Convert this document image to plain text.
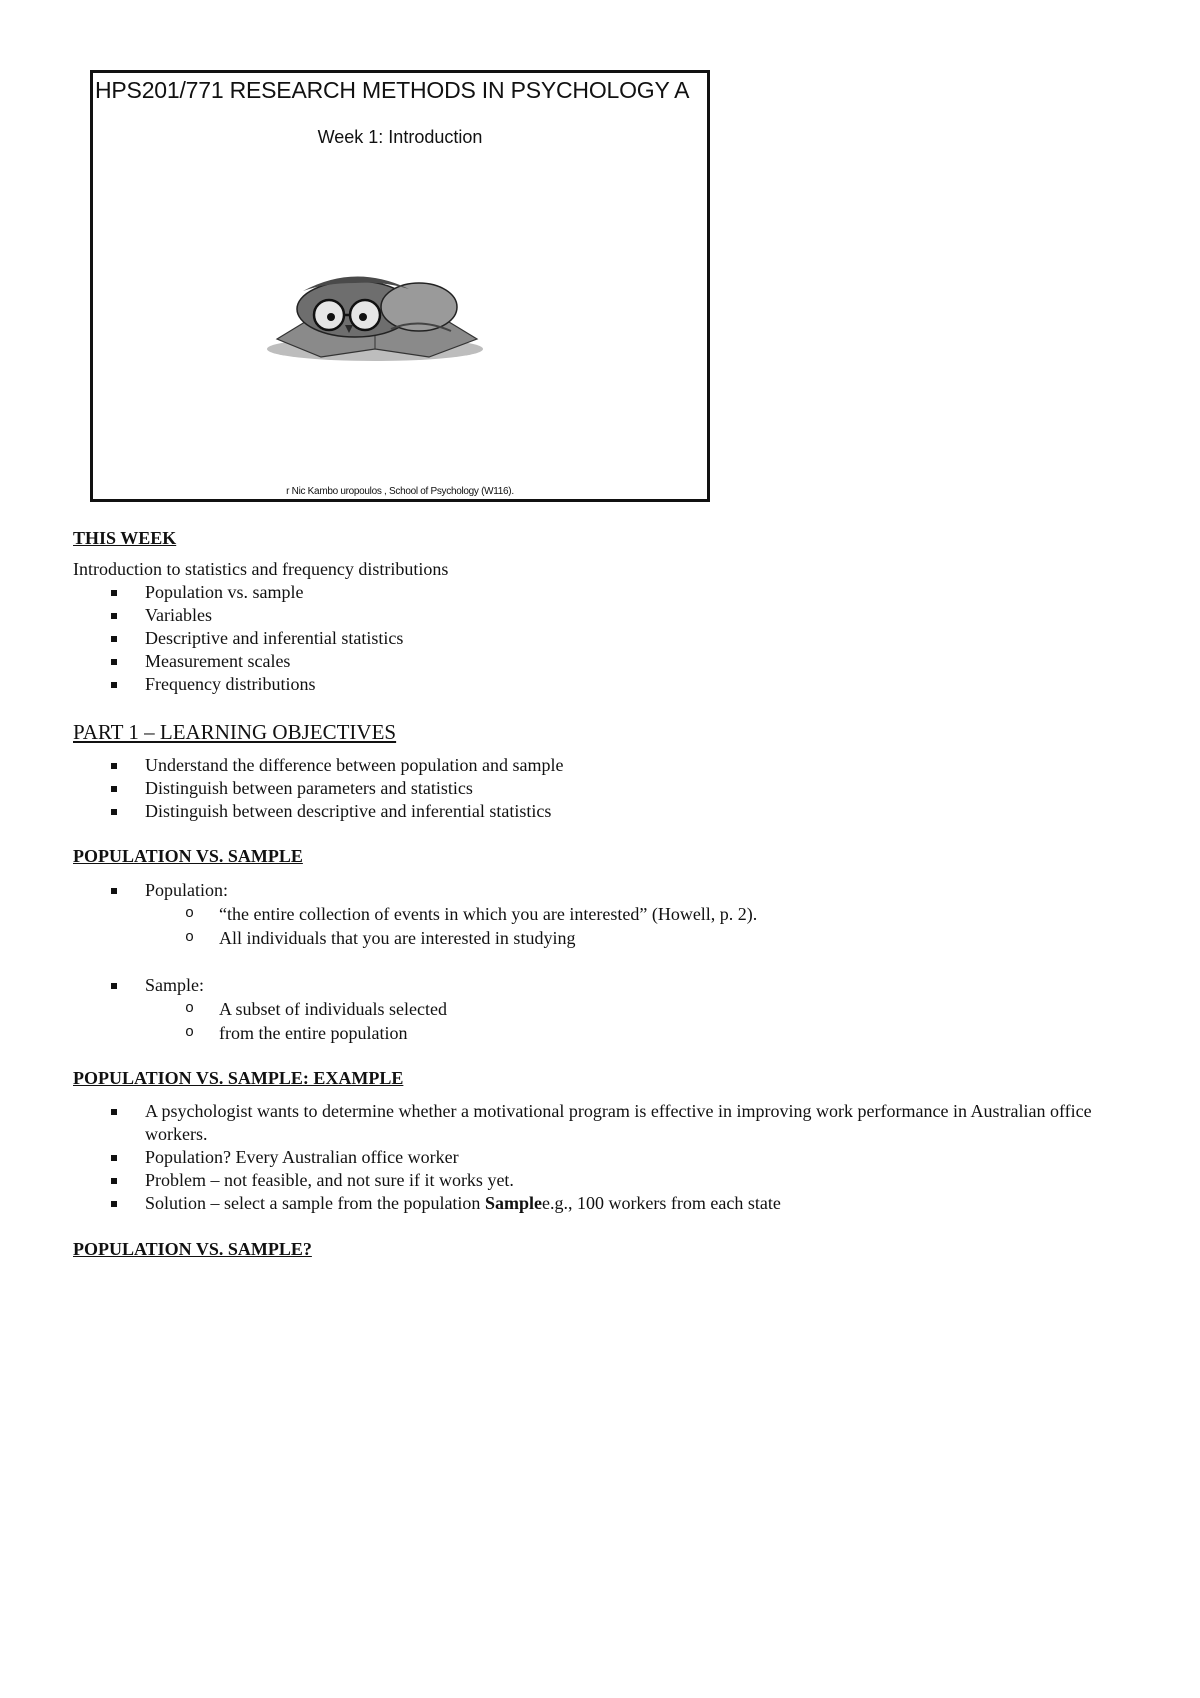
HPS201/771 RESEARCH METHODS IN PSYCHOLOGY A
Week 1: Introduction
r Nic Kambo uropoulos , School of Psychology (W116).
THIS WEEK

Introduction to statistics and frequency distributions

Population vs. sample
Variables
Descriptive and inferential statistics
Measurement scales
Frequency distributions
PART 1 – LEARNING OBJECTIVES
Understand the difference between population and sample
Distinguish between parameters and statistics
Distinguish between descriptive and inferential statistics
POPULATION VS. SAMPLE
Population:
o “the entire collection of events in which you are interested” (Howell, p. 2).
o All individuals that you are interested in studying
Sample:
o A subset of individuals selected
o from the entire population
POPULATION VS. SAMPLE: EXAMPLE
A psychologist wants to determine whether a motivational program is effective in improving work performance in Australian office workers.
Population? Every Australian office worker
Problem – not feasible, and not sure if it works yet.
Solution – select a sample from the population Samplee.g., 100 workers from each state
POPULATION VS. SAMPLE?
